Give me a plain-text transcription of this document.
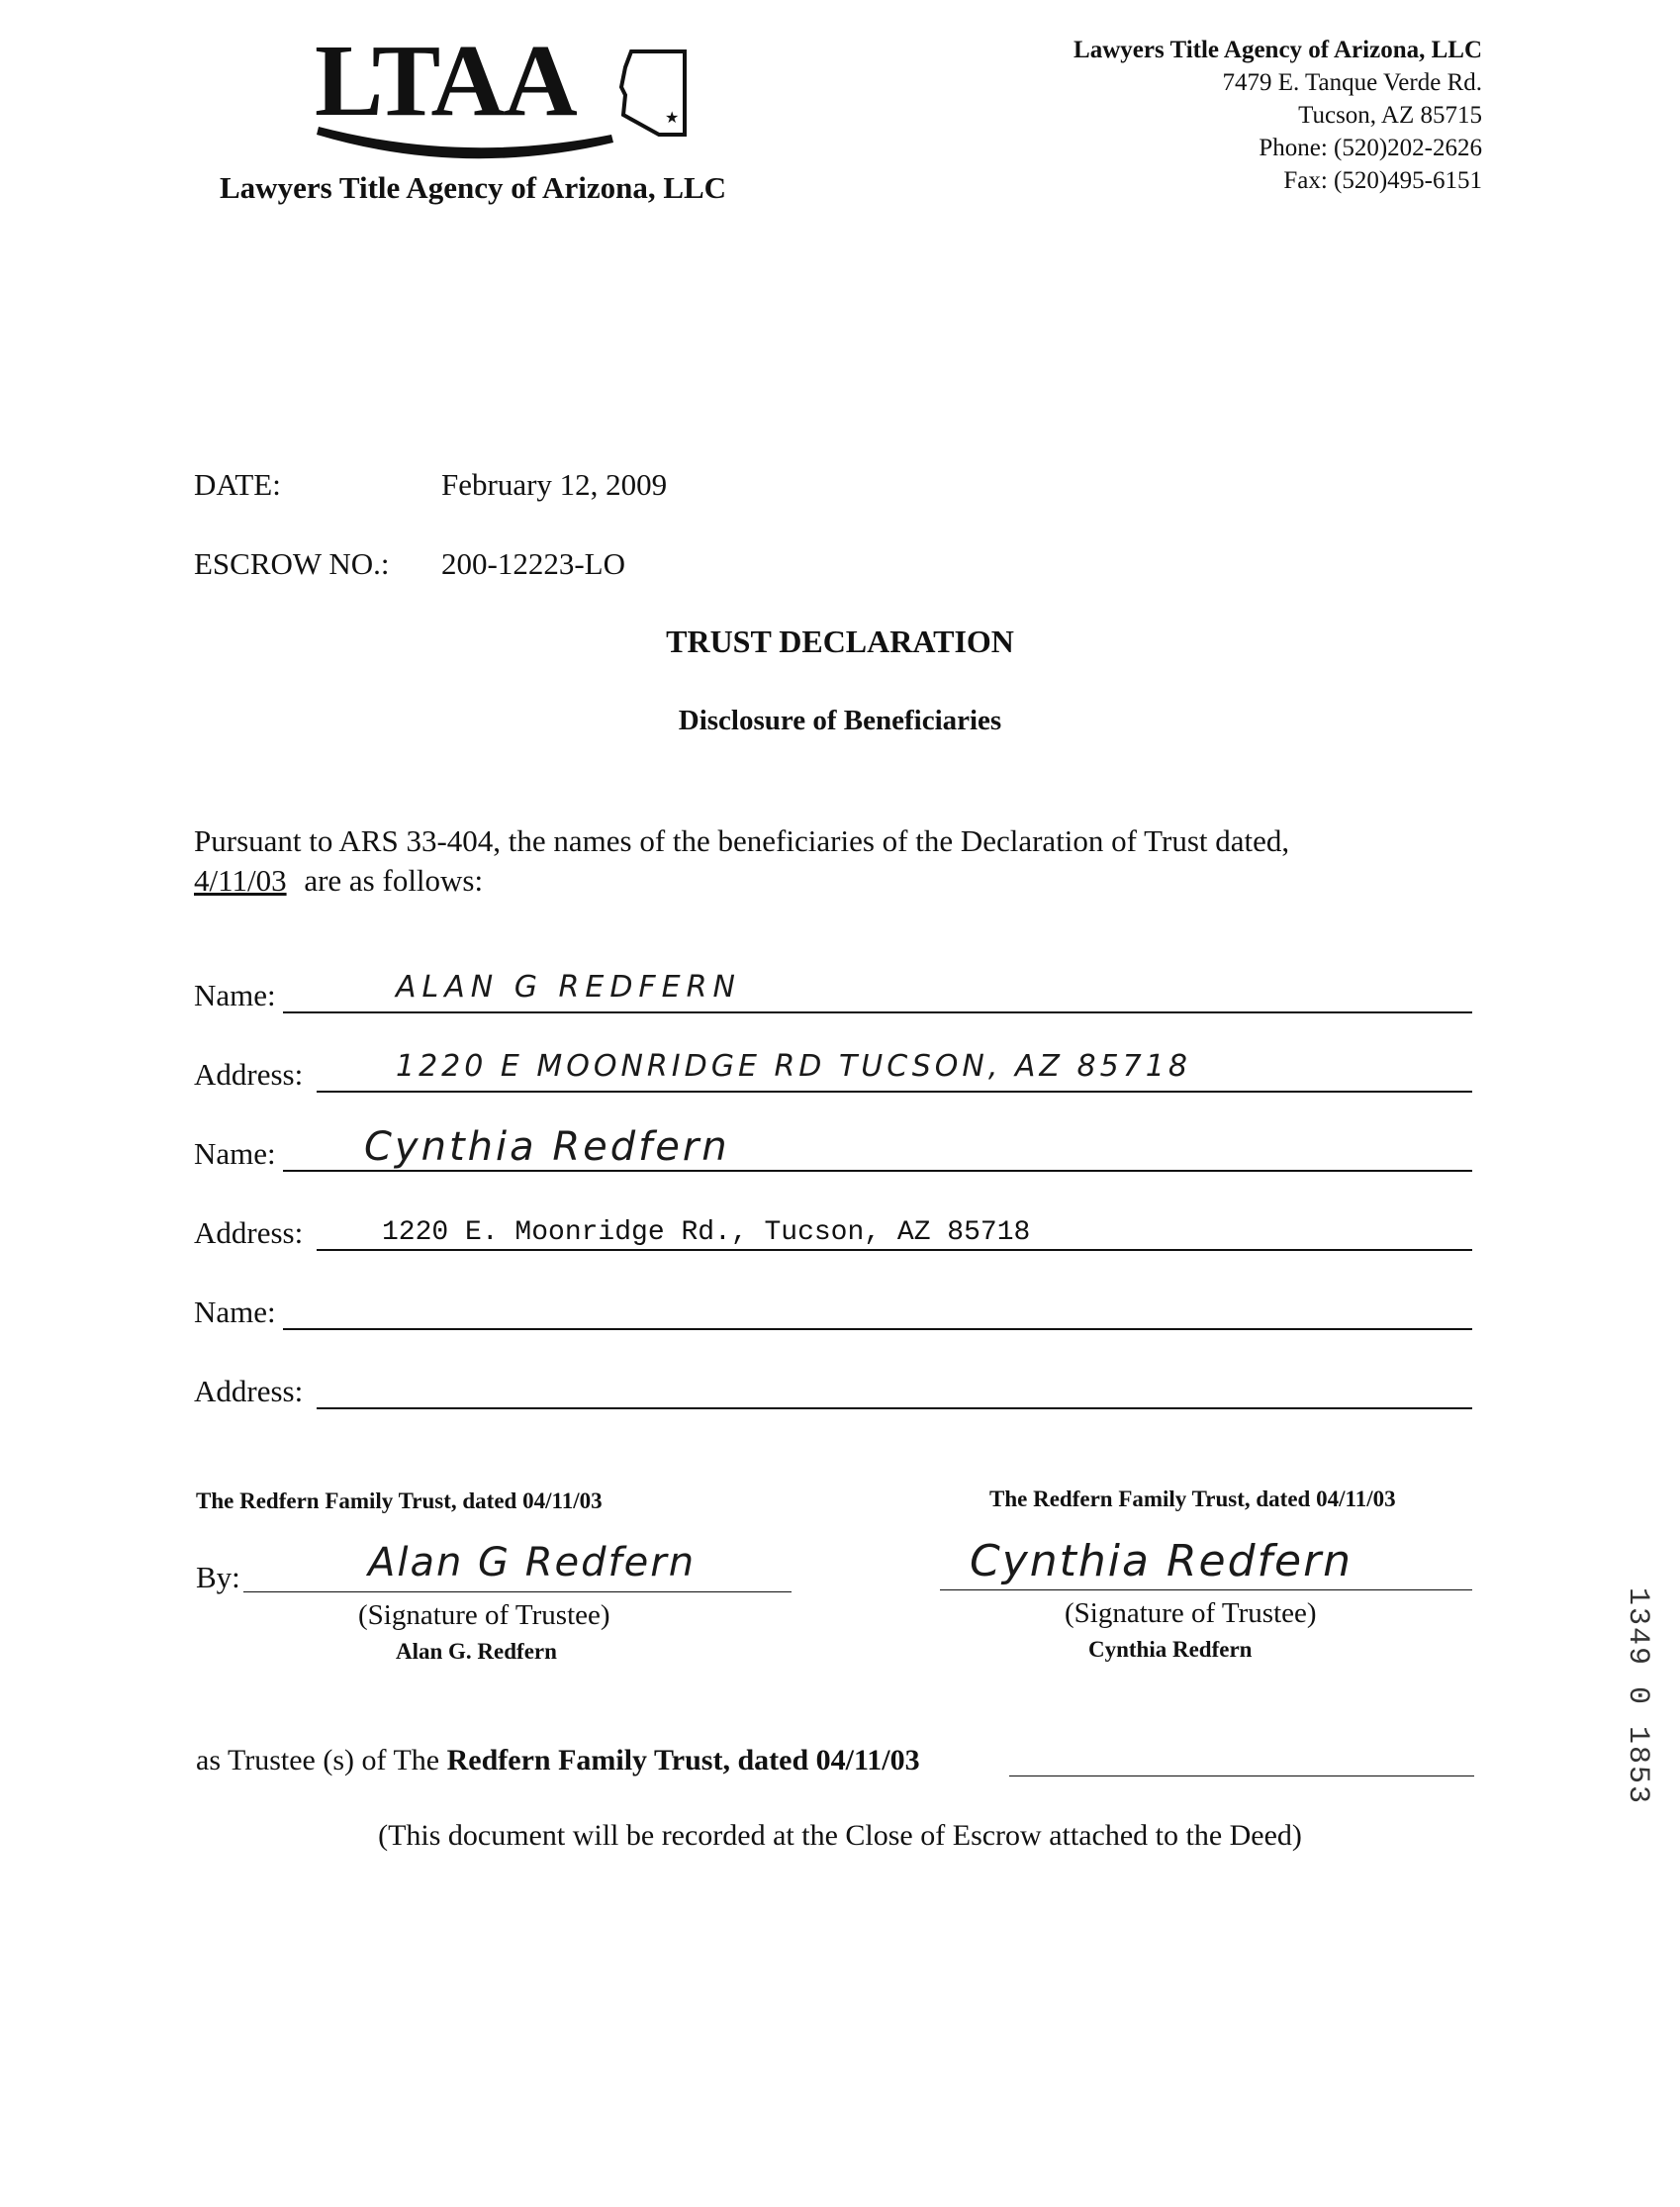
LTAA	★
Lawyers Title Agency of Arizona, LLC
Lawyers Title Agency of Arizona, LLC
7479 E. Tanque Verde Rd.
Tucson, AZ 85715
Phone: (520)202-2626
Fax: (520)495-6151
DATE:	February 12, 2009
ESCROW NO.: 200-12223-LO
TRUST DECLARATION
Disclosure of Beneficiaries
Pursuant to ARS 33-404, the names of the beneficiaries of the Declaration of Trust dated,
4/11/03 are as follows:
Name:	ALAN G REDFERN
Address:	1220 E MOONRIDGE RD TUCSON, AZ 85718
Name: Cynthia Redfern
Address:	1220 E. Moonridge Rd., Tucson, AZ 85718
Name:
Address:
The Redfern Family Trust, dated 04/11/03
By:	Alan G Redfern
(Signature of Trustee)
Alan G. Redfern
The Redfern Family Trust, dated 04/11/03
Cynthia Redfern
(Signature of Trustee)
Cynthia Redfern
as Trustee (s) of The Redfern Family Trust, dated 04/11/03
(This document will be recorded at the Close of Escrow attached to the Deed)
1349 0 1853
